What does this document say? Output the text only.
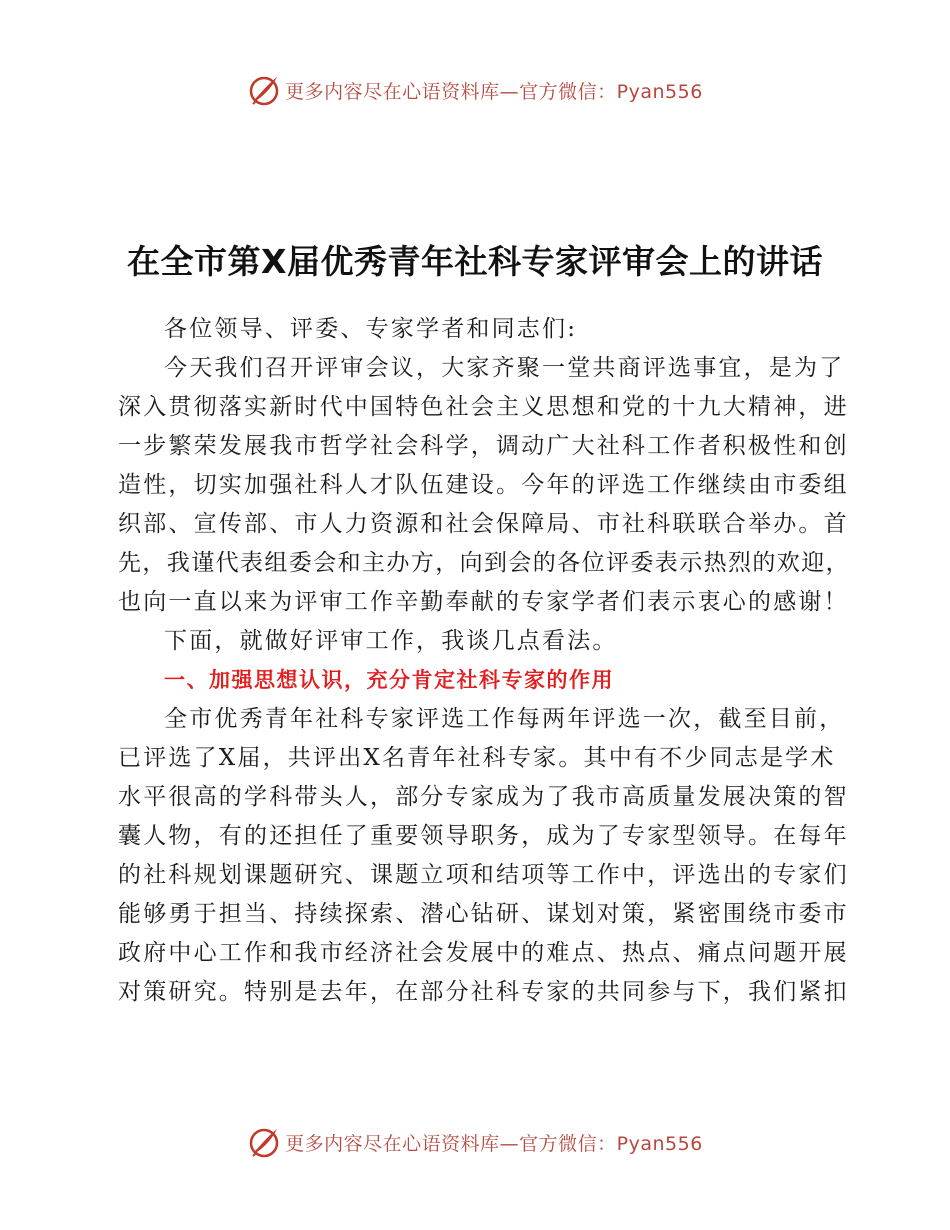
更多内容尽在心语资料库—官方微信：Pyan556
在全市第X届优秀青年社科专家评审会上的讲话
各位领导、评委、专家学者和同志们:
今天我们召开评审会议，大家齐聚一堂共商评选事宜，是为了
深入贯彻落实新时代中国特色社会主义思想和党的十九大精神，进
一步繁荣发展我市哲学社会科学，调动广大社科工作者积极性和创
造性，切实加强社科人才队伍建设。今年的评选工作继续由市委组
织部、宣传部、市人力资源和社会保障局、市社科联联合举办。首
先，我谨代表组委会和主办方，向到会的各位评委表示热烈的欢迎，
也向一直以来为评审工作辛勤奉献的专家学者们表示衷心的感谢！
下面，就做好评审工作，我谈几点看法。
一、加强思想认识，充分肯定社科专家的作用
全市优秀青年社科专家评选工作每两年评选一次，截至目前，
已评选了X届，共评出X名青年社科专家。其中有不少同志是学术
水平很高的学科带头人，部分专家成为了我市高质量发展决策的智
囊人物，有的还担任了重要领导职务，成为了专家型领导。在每年
的社科规划课题研究、课题立项和结项等工作中，评选出的专家们
能够勇于担当、持续探索、潜心钻研、谋划对策，紧密围绕市委市
政府中心工作和我市经济社会发展中的难点、热点、痛点问题开展
对策研究。特别是去年，在部分社科专家的共同参与下，我们紧扣
更多内容尽在心语资料库—官方微信：Pyan556
